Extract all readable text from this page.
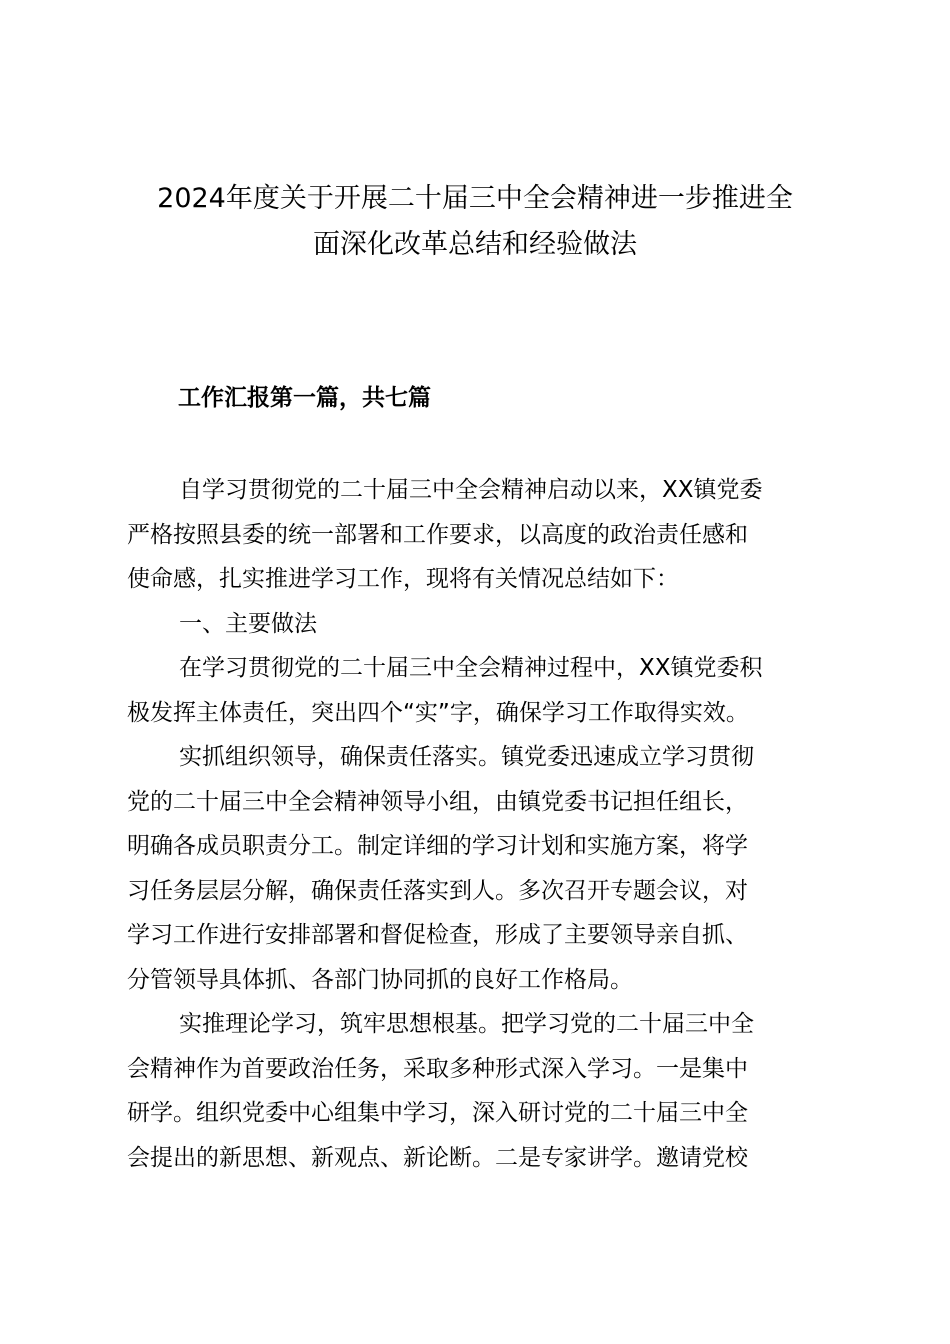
2024年度关于开展二十届三中全会精神进一步推进全
面深化改革总结和经验做法
工作汇报第一篇，共七篇

自学习贯彻党的二十届三中全会精神启动以来，XX镇党委
严格按照县委的统一部署和工作要求，以高度的政治责任感和
使命感，扎实推进学习工作，现将有关情况总结如下：

一、主要做法

在学习贯彻党的二十届三中全会精神过程中，XX镇党委积
极发挥主体责任，突出四个“实”字，确保学习工作取得实效。

实抓组织领导，确保责任落实。镇党委迅速成立学习贯彻
党的二十届三中全会精神领导小组，由镇党委书记担任组长，
明确各成员职责分工。制定详细的学习计划和实施方案，将学
习任务层层分解，确保责任落实到人。多次召开专题会议，对
学习工作进行安排部署和督促检查，形成了主要领导亲自抓、
分管领导具体抓、各部门协同抓的良好工作格局。

实推理论学习，筑牢思想根基。把学习党的二十届三中全
会精神作为首要政治任务，采取多种形式深入学习。一是集中
研学。组织党委中心组集中学习，深入研讨党的二十届三中全
会提出的新思想、新观点、新论断。二是专家讲学。邀请党校
